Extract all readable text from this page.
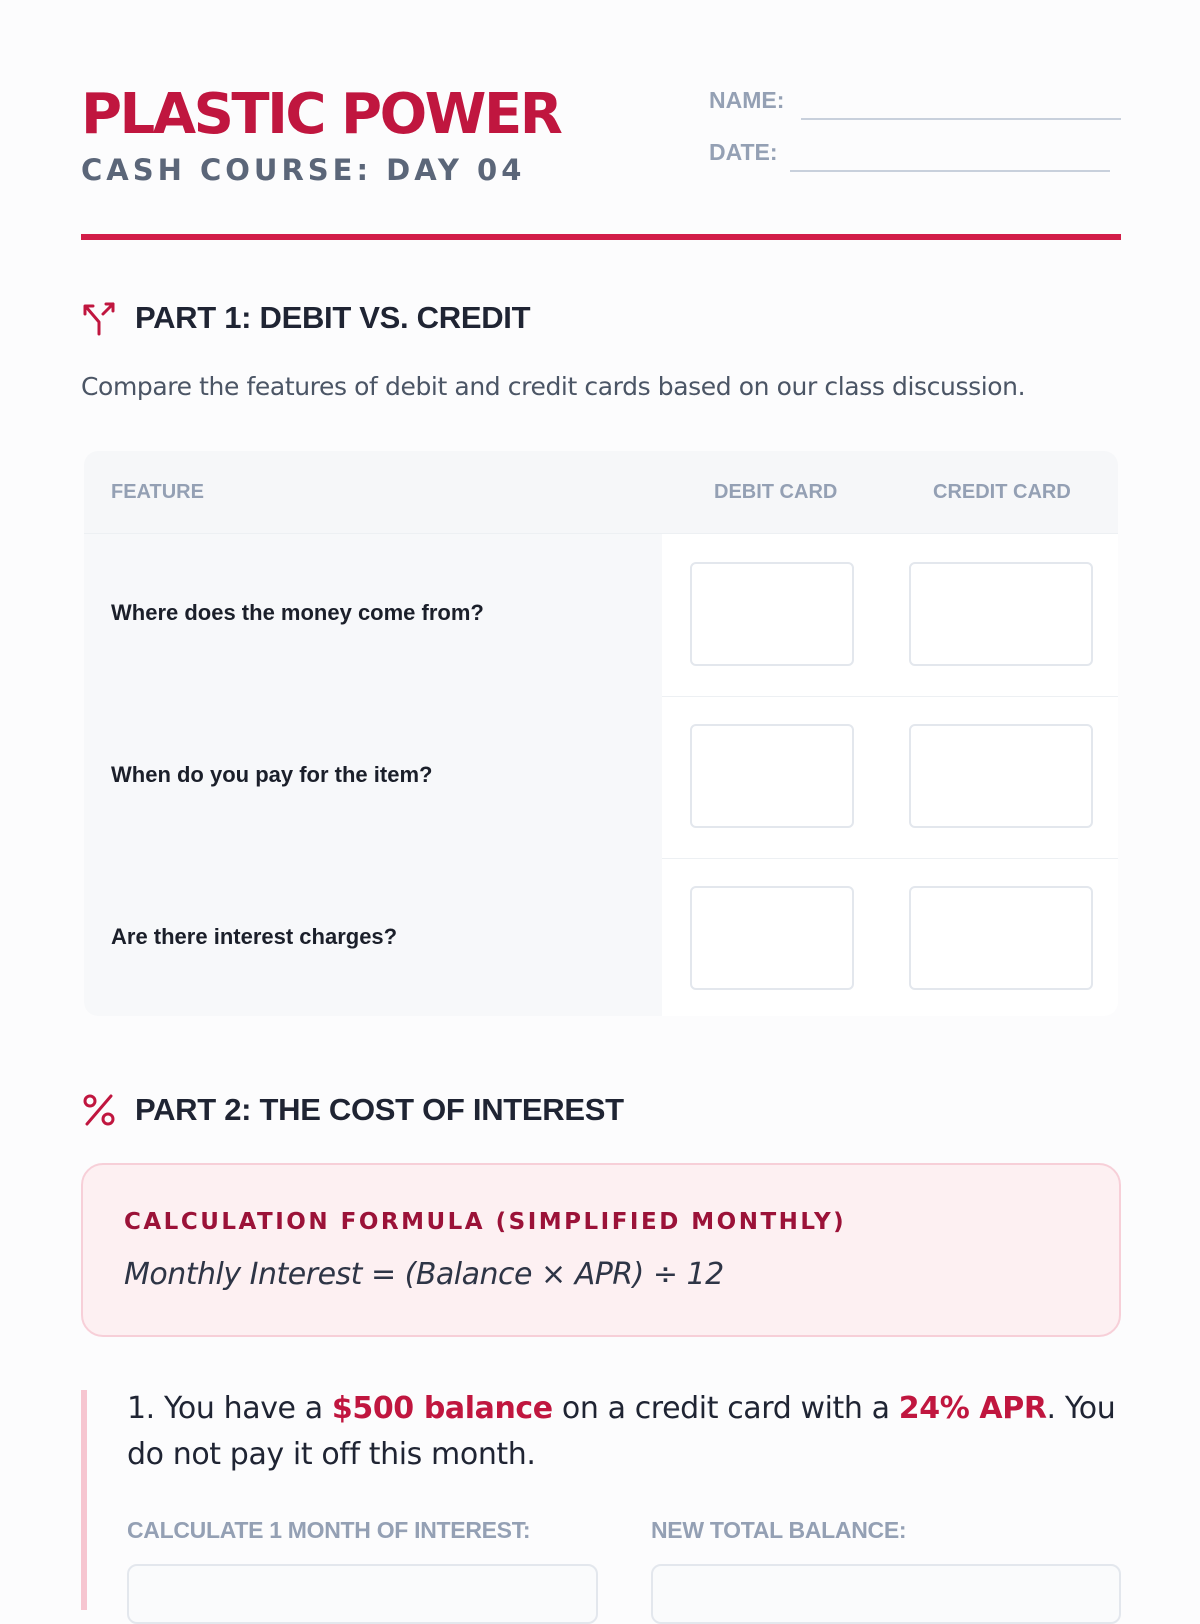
PLASTIC POWER
CASH COURSE: DAY 04
NAME:
DATE:
PART 1: DEBIT VS. CREDIT
Compare the features of debit and credit cards based on our class discussion.
FEATURE	DEBIT CARD	CREDIT CARD
Where does the money come from?
When do you pay for the item?
Are there interest charges?
PART 2: THE COST OF INTEREST
CALCULATION FORMULA (SIMPLIFIED MONTHLY)
Monthly Interest = (Balance × APR) ÷ 12
1. You have a $500 balance on a credit card with a 24% APR. You do not pay it off this month.
CALCULATE 1 MONTH OF INTEREST:	NEW TOTAL BALANCE:
